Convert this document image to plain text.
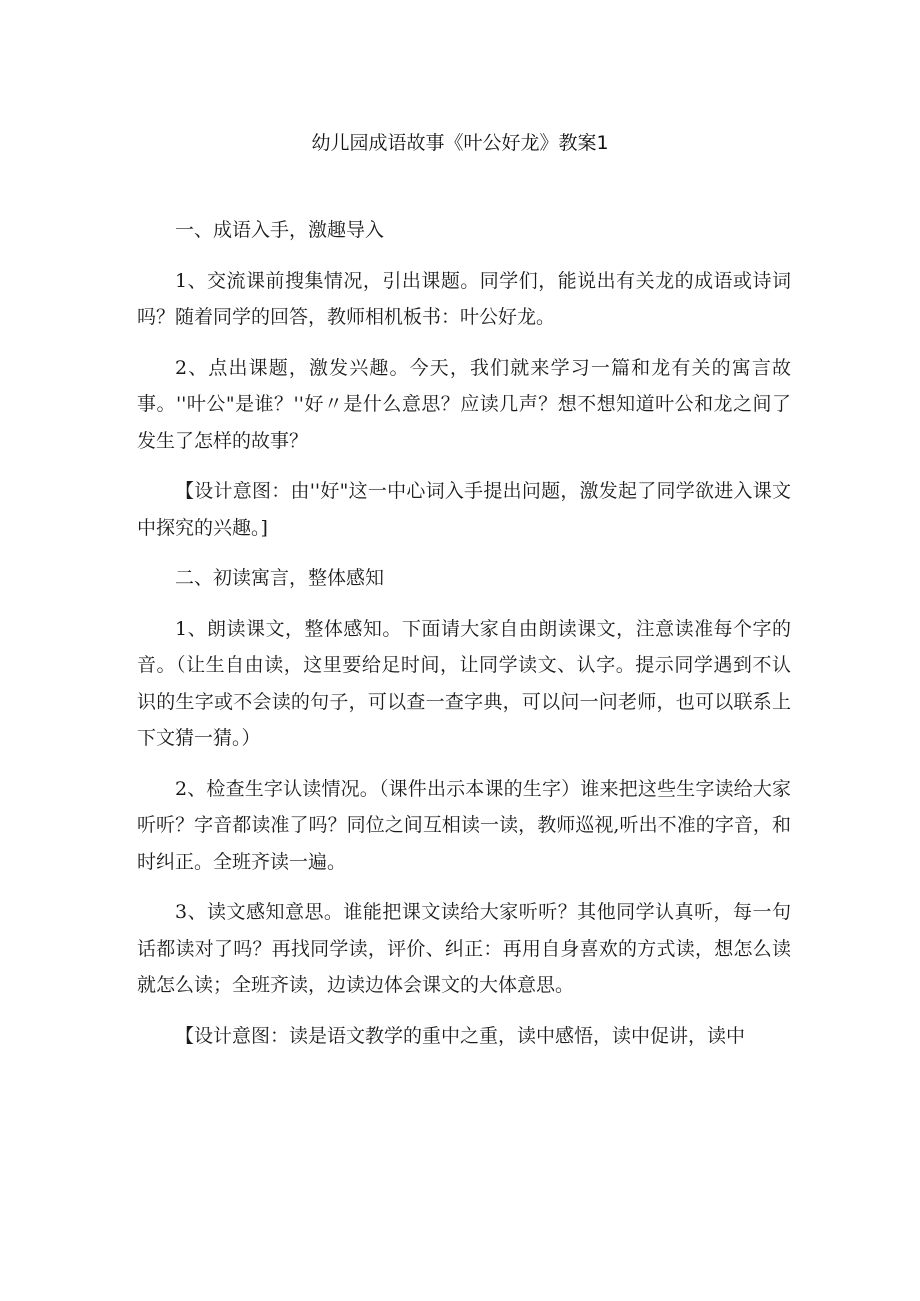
幼儿园成语故事《叶公好龙》教案1

一、成语入手，激趣导入

1、交流课前搜集情况，引出课题。同学们，能说出有关龙的成语或诗词吗？随着同学的回答，教师相机板书：叶公好龙。

2、点出课题，激发兴趣。今天，我们就来学习一篇和龙有关的寓言故事。''叶公"是谁？''好〃是什么意思？应读几声？想不想知道叶公和龙之间了发生了怎样的故事？

【设计意图：由''好"这一中心词入手提出问题，激发起了同学欲进入课文中探究的兴趣。]

二、初读寓言，整体感知

1、朗读课文，整体感知。下面请大家自由朗读课文，注意读准每个字的音。（让生自由读，这里要给足时间，让同学读文、认字。提示同学遇到不认识的生字或不会读的句子，可以查一查字典，可以问一问老师，也可以联系上下文猜一猜。）

2、检查生字认读情况。（课件出示本课的生字）谁来把这些生字读给大家听听？字音都读准了吗？同位之间互相读一读，教师巡视,听出不准的字音，和时纠正。全班齐读一遍。

3、读文感知意思。谁能把课文读给大家听听？其他同学认真听，每一句话都读对了吗？再找同学读，评价、纠正：再用自身喜欢的方式读，想怎么读就怎么读；全班齐读，边读边体会课文的大体意思。

【设计意图：读是语文教学的重中之重，读中感悟，读中促讲，读中
